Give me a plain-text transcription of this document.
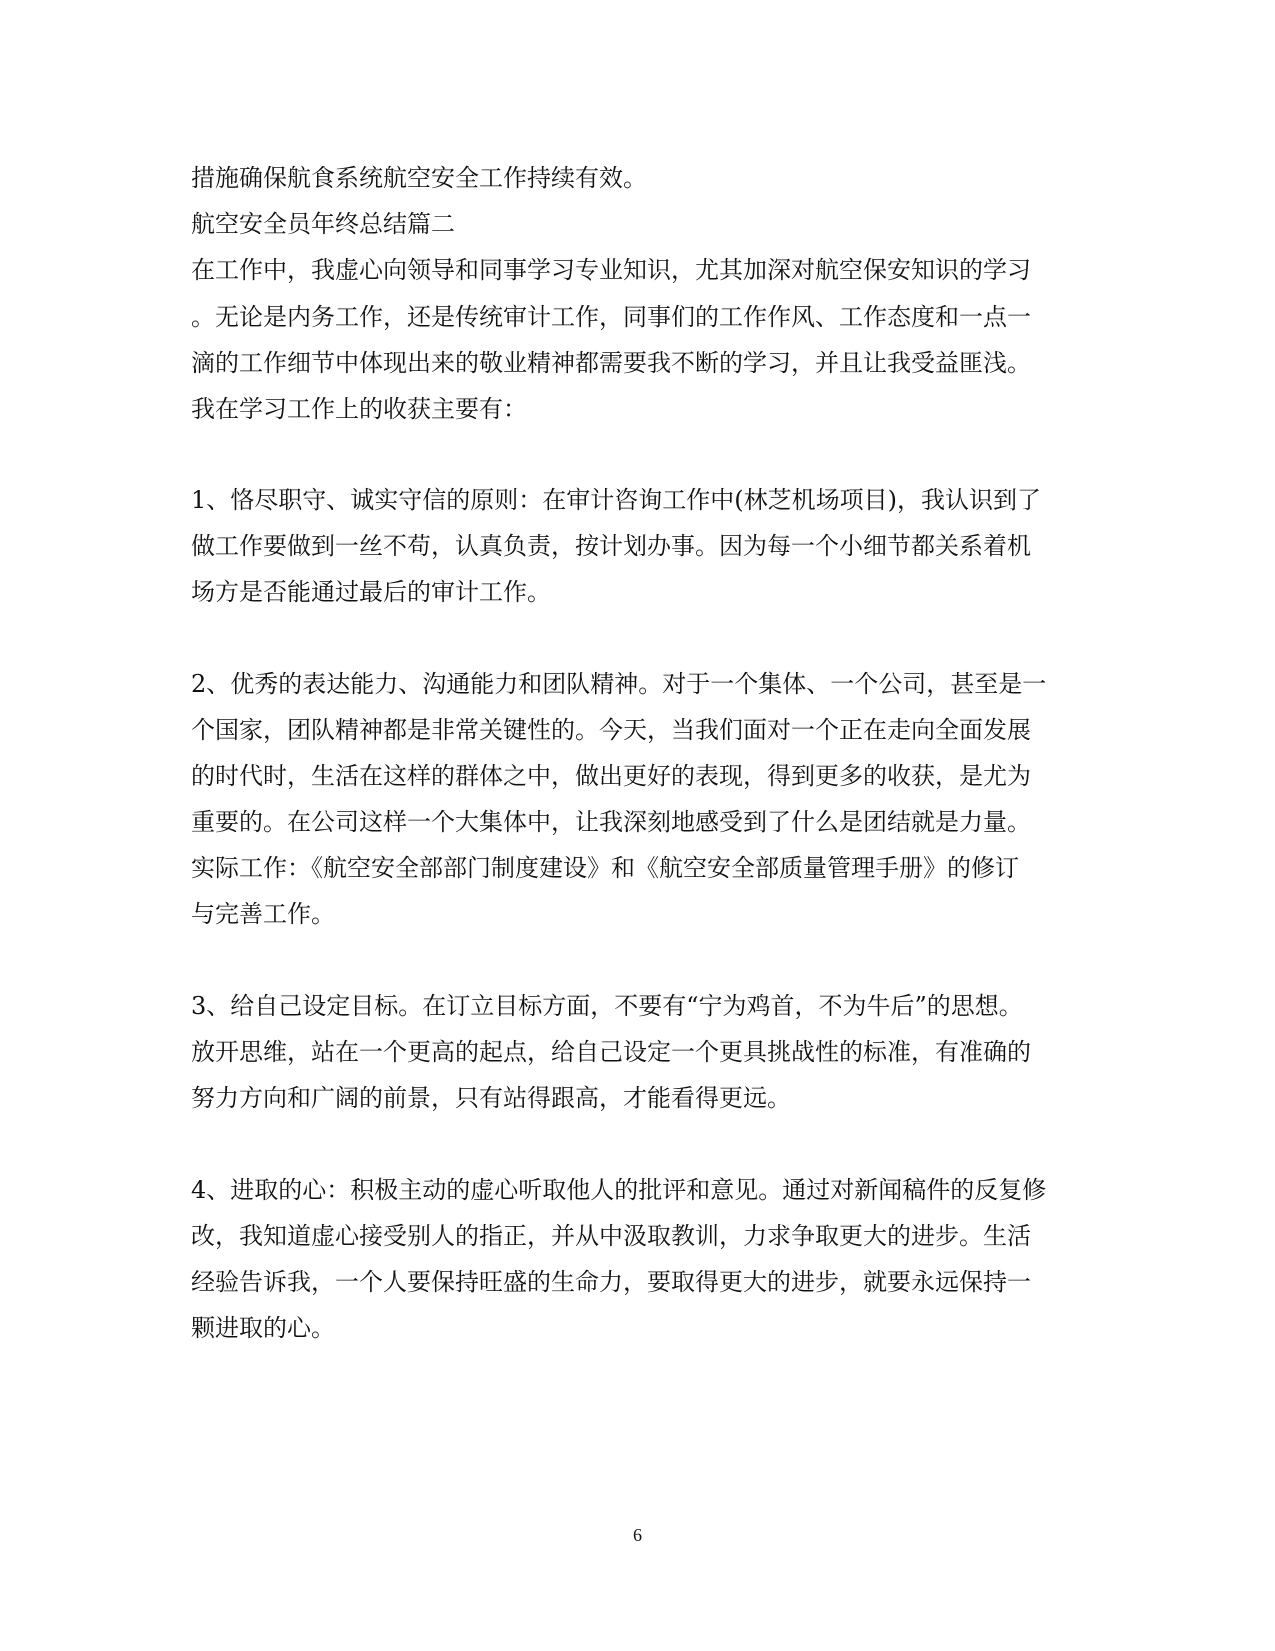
措施确保航食系统航空安全工作持续有效。
航空安全员年终总结篇二
在工作中，我虚心向领导和同事学习专业知识，尤其加深对航空保安知识的学习
。无论是内务工作，还是传统审计工作，同事们的工作作风、工作态度和一点一
滴的工作细节中体现出来的敬业精神都需要我不断的学习，并且让我受益匪浅。
我在学习工作上的收获主要有：
1、恪尽职守、诚实守信的原则：在审计咨询工作中(林芝机场项目)，我认识到了
做工作要做到一丝不苟，认真负责，按计划办事。因为每一个小细节都关系着机
场方是否能通过最后的审计工作。
2、优秀的表达能力、沟通能力和团队精神。对于一个集体、一个公司，甚至是一
个国家，团队精神都是非常关键性的。今天，当我们面对一个正在走向全面发展
的时代时，生活在这样的群体之中，做出更好的表现，得到更多的收获，是尤为
重要的。在公司这样一个大集体中，让我深刻地感受到了什么是团结就是力量。
实际工作：《航空安全部部门制度建设》和《航空安全部质量管理手册》的修订
与完善工作。
3、给自己设定目标。在订立目标方面，不要有“宁为鸡首，不为牛后”的思想。
放开思维，站在一个更高的起点，给自己设定一个更具挑战性的标准，有准确的
努力方向和广阔的前景，只有站得跟高，才能看得更远。
4、进取的心：积极主动的虚心听取他人的批评和意见。通过对新闻稿件的反复修
改，我知道虚心接受别人的指正，并从中汲取教训，力求争取更大的进步。生活
经验告诉我，一个人要保持旺盛的生命力，要取得更大的进步，就要永远保持一
颗进取的心。
6
